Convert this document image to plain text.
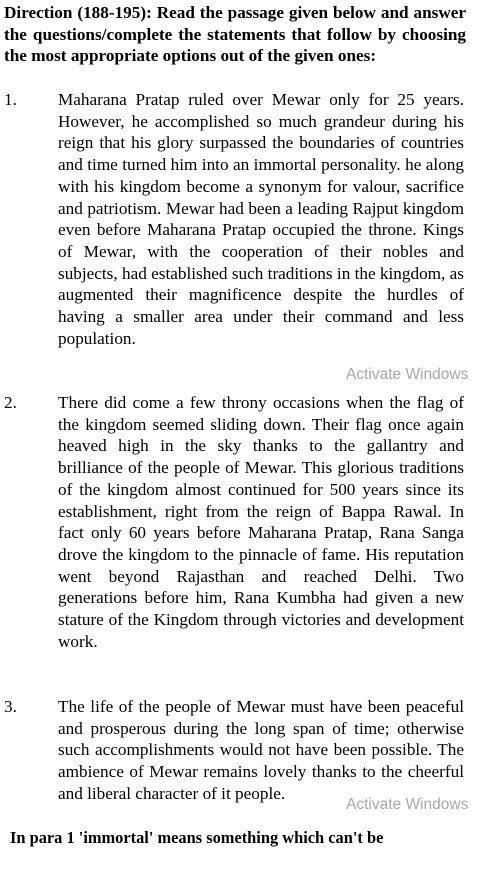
Direction (188-195): Read the passage given below and answer the questions/complete the statements that follow by choosing the most appropriate options out of the given ones:

1. Maharana Pratap ruled over Mewar only for 25 years. However, he accomplished so much grandeur during his reign that his glory surpassed the boundaries of countries and time turned him into an immortal personality. he along with his kingdom become a synonym for valour, sacrifice and patriotism. Mewar had been a leading Rajput kingdom even before Maharana Pratap occupied the throne. Kings of Mewar, with the cooperation of their nobles and subjects, had established such traditions in the kingdom, as augmented their magnificence despite the hurdles of having a smaller area under their command and less population.

2. There did come a few throny occasions when the flag of the kingdom seemed sliding down. Their flag once again heaved high in the sky thanks to the gallantry and brilliance of the people of Mewar. This glorious traditions of the kingdom almost continued for 500 years since its establishment, right from the reign of Bappa Rawal. In fact only 60 years before Maharana Pratap, Rana Sanga drove the kingdom to the pinnacle of fame. His reputation went beyond Rajasthan and reached Delhi. Two generations before him, Rana Kumbha had given a new stature of the Kingdom through victories and development work.

3. The life of the people of Mewar must have been peaceful and prosperous during the long span of time; otherwise such accomplishments would not have been possible. The ambience of Mewar remains lovely thanks to the cheerful and liberal character of it people.

In para 1 'immortal' means something which can't be

Activate Windows
Activate Windows
